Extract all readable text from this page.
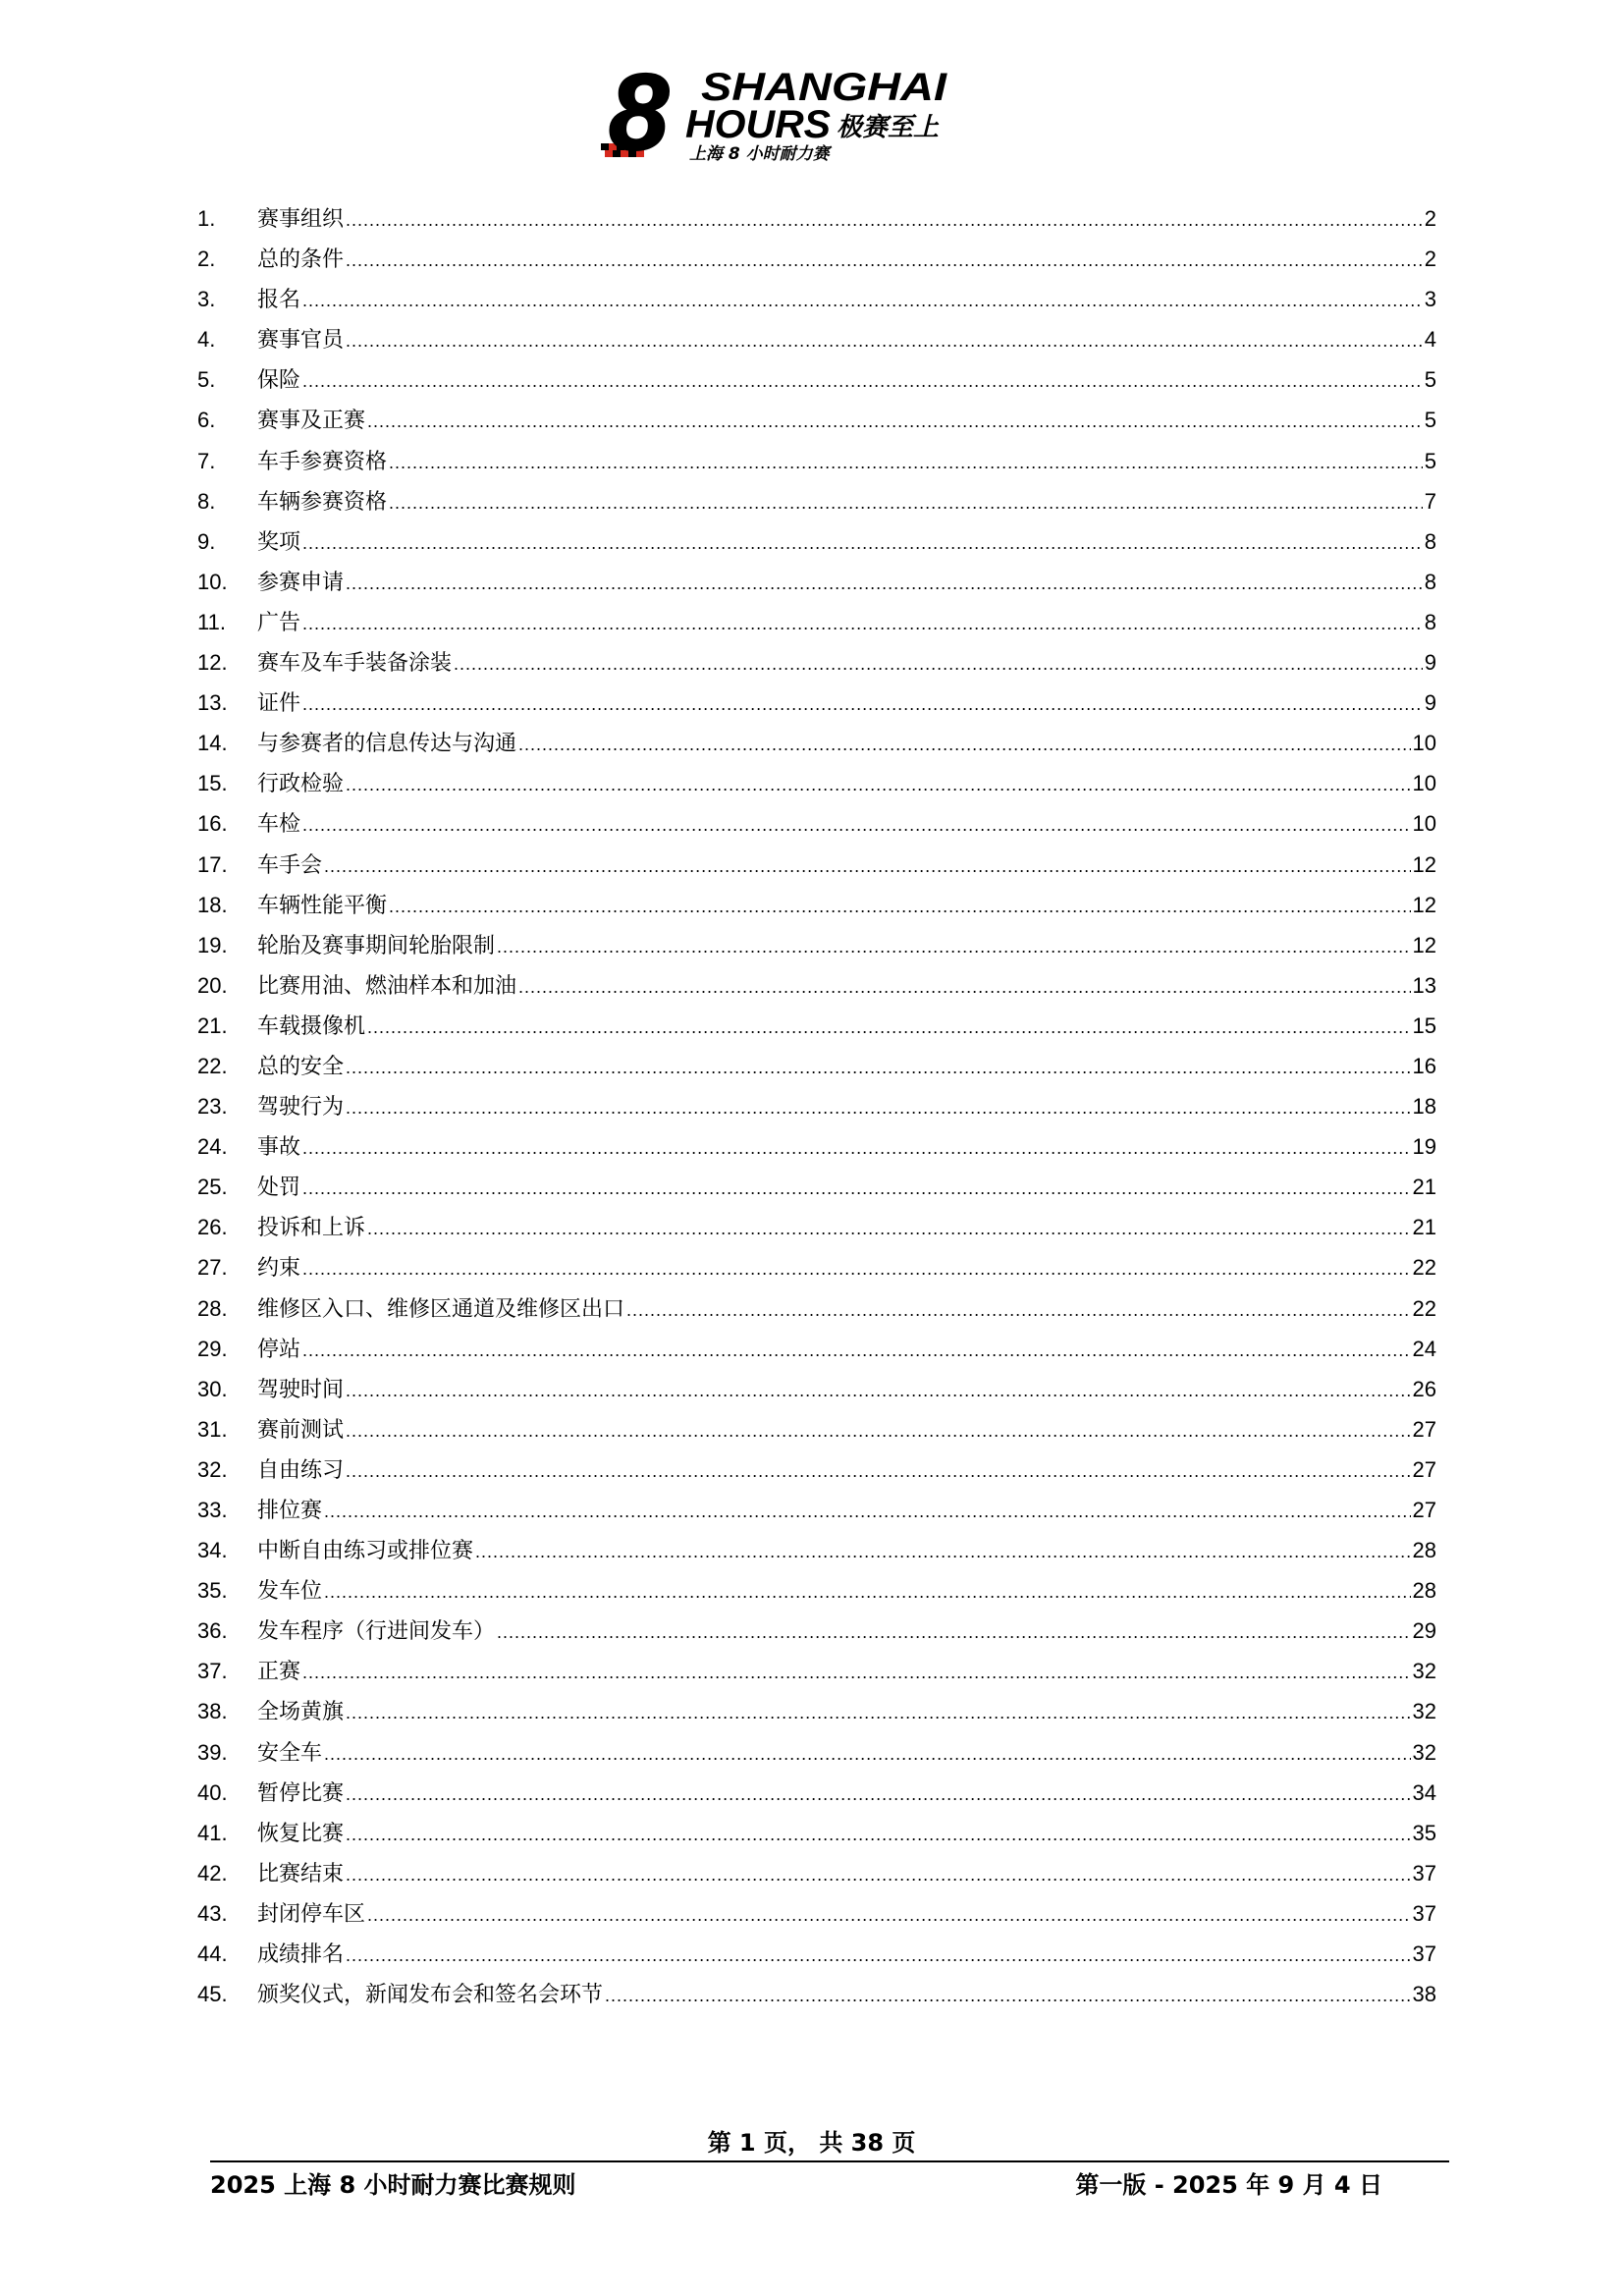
8 SHANGHAI
HOURS 极赛至上
上海 8 小时耐力赛
1.	赛事组织 .....	2
2.	总的条件 .....	2
3.	报名 .....	3
4.	赛事官员 .....	4
5.	保险 .....	5
6.	赛事及正赛 .....	5
7.	车手参赛资格 .....	5
8.	车辆参赛资格 .....	7
9.	奖项 .....	8
10.	参赛申请 .....	8
11.	广告 .....	8
12.	赛车及车手装备涂装 .....	9
13.	证件 .....	9
14.	与参赛者的信息传达与沟通 .....	10
15.	行政检验 .....	10
16.	车检 .....	10
17.	车手会 .....	12
18.	车辆性能平衡 .....	12
19.	轮胎及赛事期间轮胎限制 .....	12
20.	比赛用油、燃油样本和加油 .....	13
21.	车载摄像机 .....	15
22.	总的安全 .....	16
23.	驾驶行为 .....	18
24.	事故 .....	19
25.	处罚 .....	21
26.	投诉和上诉 .....	21
27.	约束 .....	22
28.	维修区入口、维修区通道及维修区出口 .....	22
29.	停站 .....	24
30.	驾驶时间 .....	26
31.	赛前测试 .....	27
32.	自由练习 .....	27
33.	排位赛 .....	27
34.	中断自由练习或排位赛 .....	28
35.	发车位 .....	28
36.	发车程序（行进间发车） .....	29
37.	正赛 .....	32
38.	全场黄旗 .....	32
39.	安全车 .....	32
40.	暂停比赛 .....	34
41.	恢复比赛 .....	35
42.	比赛结束 .....	37
43.	封闭停车区 .....	37
44.	成绩排名 .....	37
45.	颁奖仪式，新闻发布会和签名会环节 .....	38
第 1 页， 共 38 页
2025 上海 8 小时耐力赛比赛规则	第一版 - 2025 年 9 月 4 日
